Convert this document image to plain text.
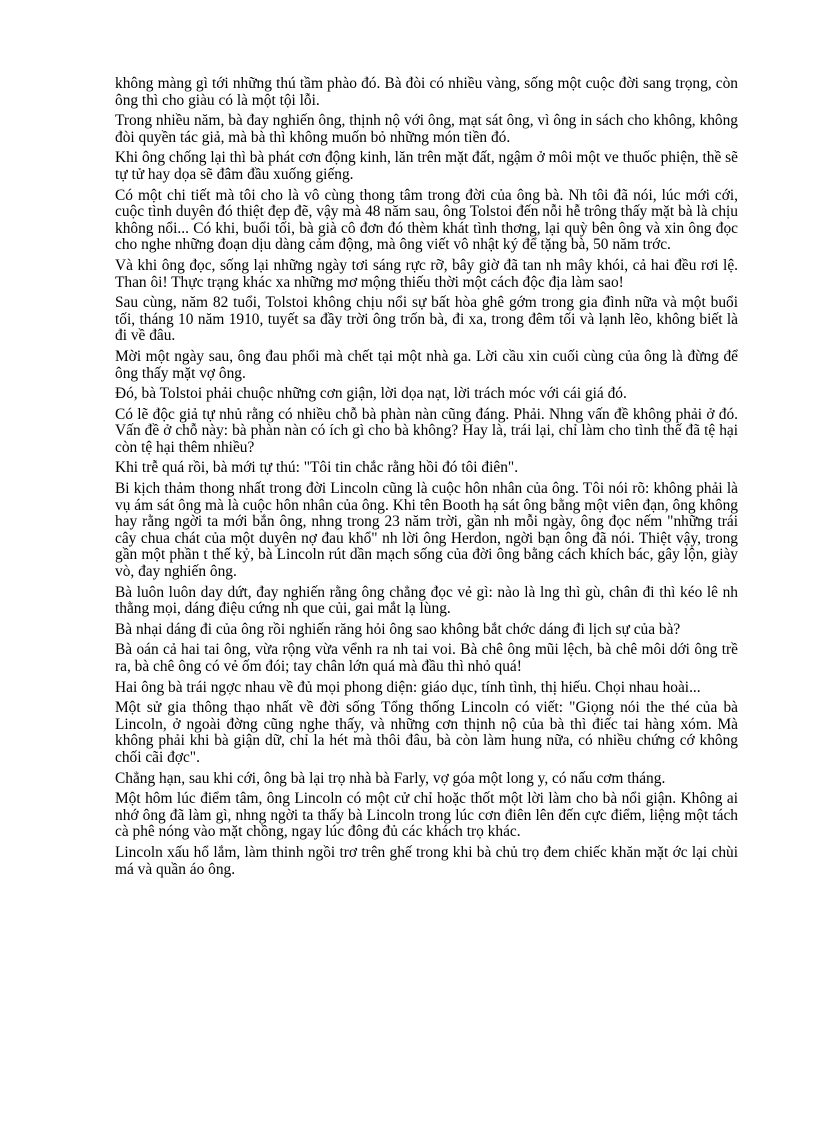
không màng gì tới những thú tầm phào đó. Bà đòi có nhiều vàng, sống một cuộc đời sang trọng, còn ông thì cho giàu có là một tội lỗi.

Trong nhiều năm, bà đay nghiến ông, thịnh nộ với ông, mạt sát ông, vì ông in sách cho không, không đòi quyền tác giả, mà bà thì không muốn bỏ những món tiền đó.

Khi ông chống lại thì bà phát cơn động kinh, lăn trên mặt đất, ngậm ở môi một ve thuốc phiện, thề sẽ tự tử hay dọa sẽ đâm đầu xuống giếng.

Có một chi tiết mà tôi cho là vô cùng thong tâm trong đời của ông bà. Nh tôi đã nói, lúc mới cới, cuộc tình duyên đó thiệt đẹp đẽ, vậy mà 48 năm sau, ông Tolstoi đến nỗi hễ trông thấy mặt bà là chịu không nổi... Có khi, buổi tối, bà già cô đơn đó thèm khát tình thơng, lại quỳ bên ông và xin ông đọc cho nghe những đoạn dịu dàng cảm động, mà ông viết vô nhật ký để tặng bà, 50 năm trớc.

Và khi ông đọc, sống lại những ngày tơi sáng rực rỡ, bây giờ đã tan nh mây khói, cả hai đều rơi lệ. Than ôi! Thực trạng khác xa những mơ mộng thiếu thời một cách độc địa làm sao!

Sau cùng, năm 82 tuổi, Tolstoi không chịu nổi sự bất hòa ghê gớm trong gia đình nữa và một buổi tối, tháng 10 năm 1910, tuyết sa đầy trời ông trốn bà, đi xa, trong đêm tối và lạnh lẽo, không biết là đi về đâu.

Mời một ngày sau, ông đau phổi mà chết tại một nhà ga. Lời cầu xin cuối cùng của ông là đừng để ông thấy mặt vợ ông.

Đó, bà Tolstoi phải chuộc những cơn giận, lời dọa nạt, lời trách móc với cái giá đó.

Có lẽ độc giả tự nhủ rằng có nhiều chỗ bà phàn nàn cũng đáng. Phải. Nhng vấn đề không phải ở đó. Vấn đề ở chỗ này: bà phàn nàn có ích gì cho bà không? Hay là, trái lại, chỉ làm cho tình thế đã tệ hại còn tệ hại thêm nhiều?

Khi trễ quá rồi, bà mới tự thú: "Tôi tin chắc rằng hồi đó tôi điên".

Bi kịch thảm thong nhất trong đời Lincoln cũng là cuộc hôn nhân của ông. Tôi nói rõ: không phải là vụ ám sát ông mà là cuộc hôn nhân của ông. Khi tên Booth hạ sát ông bằng một viên đạn, ông không hay rằng ngời ta mới bắn ông, nhng trong 23 năm trời, gần nh mỗi ngày, ông đọc nếm "những trái cây chua chát của một duyên nợ đau khổ" nh lời ông Herdon, ngời bạn ông đã nói. Thiệt vậy, trong gần một phần t thế kỷ, bà Lincoln rút dần mạch sống của đời ông bằng cách khích bác, gây lộn, giày vò, đay nghiến ông.

Bà luôn luôn day dứt, đay nghiến rằng ông chẳng đọc vẻ gì: nào là lng thì gù, chân đi thì kéo lê nh thằng mọi, dáng điệu cứng nh que củi, gai mắt lạ lùng.

Bà nhại dáng đi của ông rồi nghiến răng hỏi ông sao không bắt chớc dáng đi lịch sự của bà?

Bà oán cả hai tai ông, vừa rộng vừa vểnh ra nh tai voi. Bà chê ông mũi lệch, bà chê môi dới ông trề ra, bà chê ông có vẻ ốm đói; tay chân lớn quá mà đầu thì nhỏ quá!

Hai ông bà trái ngợc nhau về đủ mọi phong diện: giáo dục, tính tình, thị hiếu. Chọi nhau hoài...

Một sử gia thông thạo nhất về đời sống Tổng thống Lincoln có viết: "Giọng nói the thé của bà Lincoln, ở ngoài đờng cũng nghe thấy, và những cơn thịnh nộ của bà thì điếc tai hàng xóm. Mà không phải khi bà giận dữ, chỉ la hét mà thôi đâu, bà còn làm hung nữa, có nhiều chứng cớ không chối cãi đợc".

Chẳng hạn, sau khi cới, ông bà lại trọ nhà bà Farly, vợ góa một long y, có nấu cơm tháng.

Một hôm lúc điểm tâm, ông Lincoln có một cử chỉ hoặc thốt một lời làm cho bà nổi giận. Không ai nhớ ông đã làm gì, nhng ngời ta thấy bà Lincoln trong lúc cơn điên lên đến cực điểm, liệng một tách cà phê nóng vào mặt chồng, ngay lúc đông đủ các khách trọ khác.

Lincoln xấu hổ lắm, làm thinh ngồi trơ trên ghế trong khi bà chủ trọ đem chiếc khăn mặt ớc lại chùi má và quần áo ông.
